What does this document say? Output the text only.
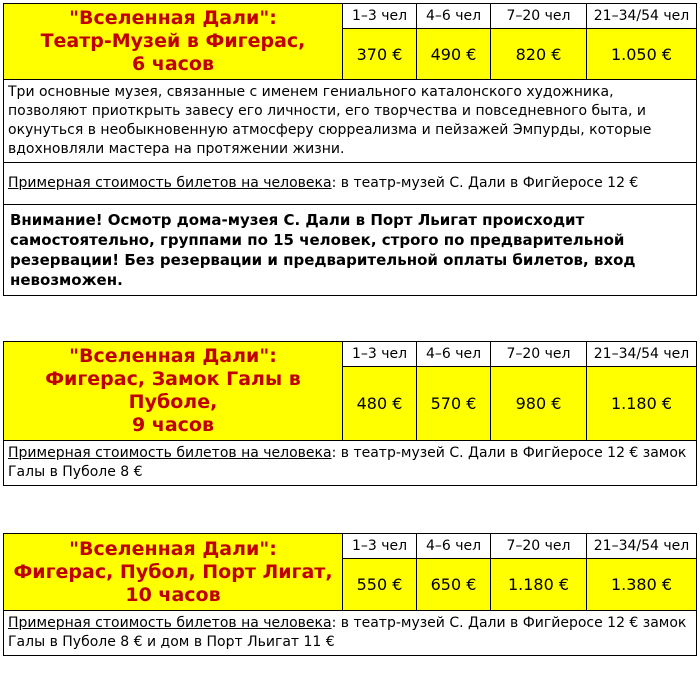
"Вселенная Дали":
Театр-Музей в Фигерас,
6 часов	1–3 чел	4–6 чел	7–20 чел	21–34/54 чел
	370 €	490 €	820 €	1.050 €
Три основные музея, связанные с именем гениального каталонского художника, позволяют приоткрыть завесу его личности, его творчества и повседневного быта, и окунуться в необыкновенную атмосферу сюрреализма и пейзажей Эмпурды, которые вдохновляли мастера на протяжении жизни.				
Примерная стоимость билетов на человека: в театр-музей С. Дали в Фигйеросе 12 €				
Внимание! Осмотр дома-музея С. Дали в Порт Льигат происходит самостоятельно, группами по 15 человек, строго по предварительной резервации! Без резервации и предварительной оплаты билетов, вход невозможен.				
"Вселенная Дали":
Фигерас, Замок Галы в
Пуболе,
9 часов	1–3 чел	4–6 чел	7–20 чел	21–34/54 чел
	480 €	570 €	980 €	1.180 €
Примерная стоимость билетов на человека: в театр-музей С. Дали в Фигйеросе 12 € замок Галы в Пуболе 8 €				
"Вселенная Дали":
Фигерас, Пубол, Порт Лигат,
10 часов	1–3 чел	4–6 чел	7–20 чел	21–34/54 чел
	550 €	650 €	1.180 €	1.380 €
Примерная стоимость билетов на человека: в театр-музей С. Дали в Фигйеросе 12 € замок Галы в Пуболе 8 € и дом в Порт Льигат 11 €				
